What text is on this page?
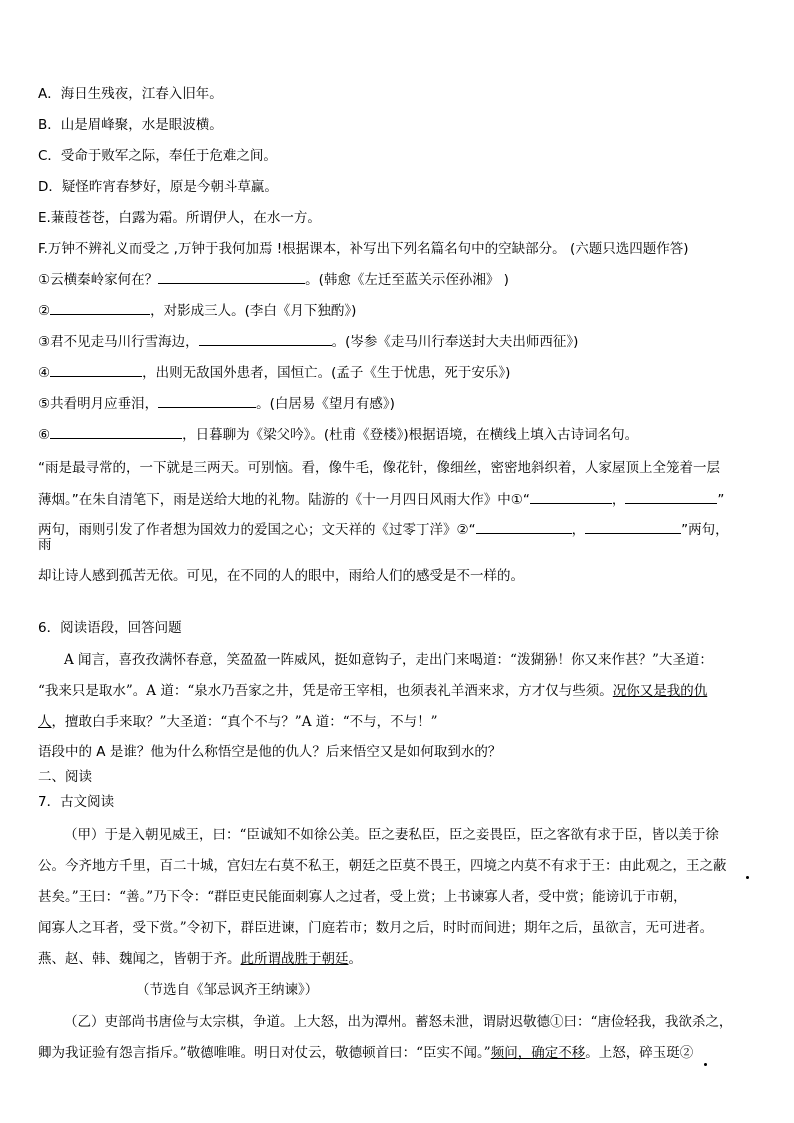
A．海日生残夜，江春入旧年。
B．山是眉峰聚，水是眼波横。
C．受命于败军之际，奉任于危难之间。
D．疑怪昨宵春梦好，原是今朝斗草赢。
E.蒹葭苍苍，白露为霜。所谓伊人，在水一方。
F.万钟不辨礼义而受之 ,万钟于我何加焉 !根据课本，补写出下列名篇名句中的空缺部分。 (六题只选四题作答)
①云横秦岭家何在？	。(韩愈《左迁至蓝关示侄孙湘》 )
②	，对影成三人。(李白《月下独酌》)
③君不见走马川行雪海边，	。(岑参《走马川行奉送封大夫出师西征》)
④	，出则无敌国外患者，国恒亡。(孟子《生于忧患，死于安乐》)
⑤共看明月应垂泪，	。(白居易《望月有感》)
⑥	，日暮聊为《梁父吟》。(杜甫《登楼》)根据语境，在横线上填入古诗词名句。
“雨是最寻常的，一下就是三两天。可别恼。看，像牛毛，像花针，像细丝，密密地斜织着，人家屋顶上全笼着一层
薄烟。”在朱自清笔下，雨是送给大地的礼物。陆游的《十一月四日风雨大作》中①“	，	”
两句，雨则引发了作者想为国效力的爱国之心；文天祥的《过零丁洋》②“	，	”两句，
雨
却让诗人感到孤苦无依。可见，在不同的人的眼中，雨给人们的感受是不一样的。
6．阅读语段，回答问题
A 闻言，喜孜孜满怀春意，笑盈盈一阵威风，挺如意钩子，走出门来喝道：“泼猢狲！你又来作甚？”大圣道：
“我来只是取水”。A 道：“泉水乃吾家之井，凭是帝王宰相，也须表礼羊酒来求，方才仅与些须。况你又是我的仇
人，擅敢白手来取？”大圣道：“真个不与？”A 道：“不与，不与！”
语段中的 A 是谁？他为什么称悟空是他的仇人？后来悟空又是如何取到水的？
二、阅读
7．古文阅读
（甲）于是入朝见威王，曰：“臣诚知不如徐公美。臣之妻私臣，臣之妾畏臣，臣之客欲有求于臣，皆以美于徐
公。今齐地方千里，百二十城，宫妇左右莫不私王，朝廷之臣莫不畏王，四境之内莫不有求于王：由此观之，王之蔽
甚矣。”王曰：“善。”乃下令：“群臣吏民能面刺寡人之过者，受上赏；上书谏寡人者，受中赏；能谤讥于市朝，
闻寡人之耳者，受下赏。”令初下，群臣进谏，门庭若市；数月之后，时时而间进；期年之后，虽欲言，无可进者。
燕、赵、韩、魏闻之，皆朝于齐。此所谓战胜于朝廷。
（节选自《邹忌讽齐王纳谏》）
（乙）吏部尚书唐俭与太宗棋，争道。上大怒，出为潭州。蓄怒未泄，谓尉迟敬德①曰：“唐俭轻我，我欲杀之，
卿为我证验有怨言指斥。”敬德唯唯。明日对仗云，敬德顿首曰：“臣实不闻。”频问，确定不移。上怒，碎玉珽②
